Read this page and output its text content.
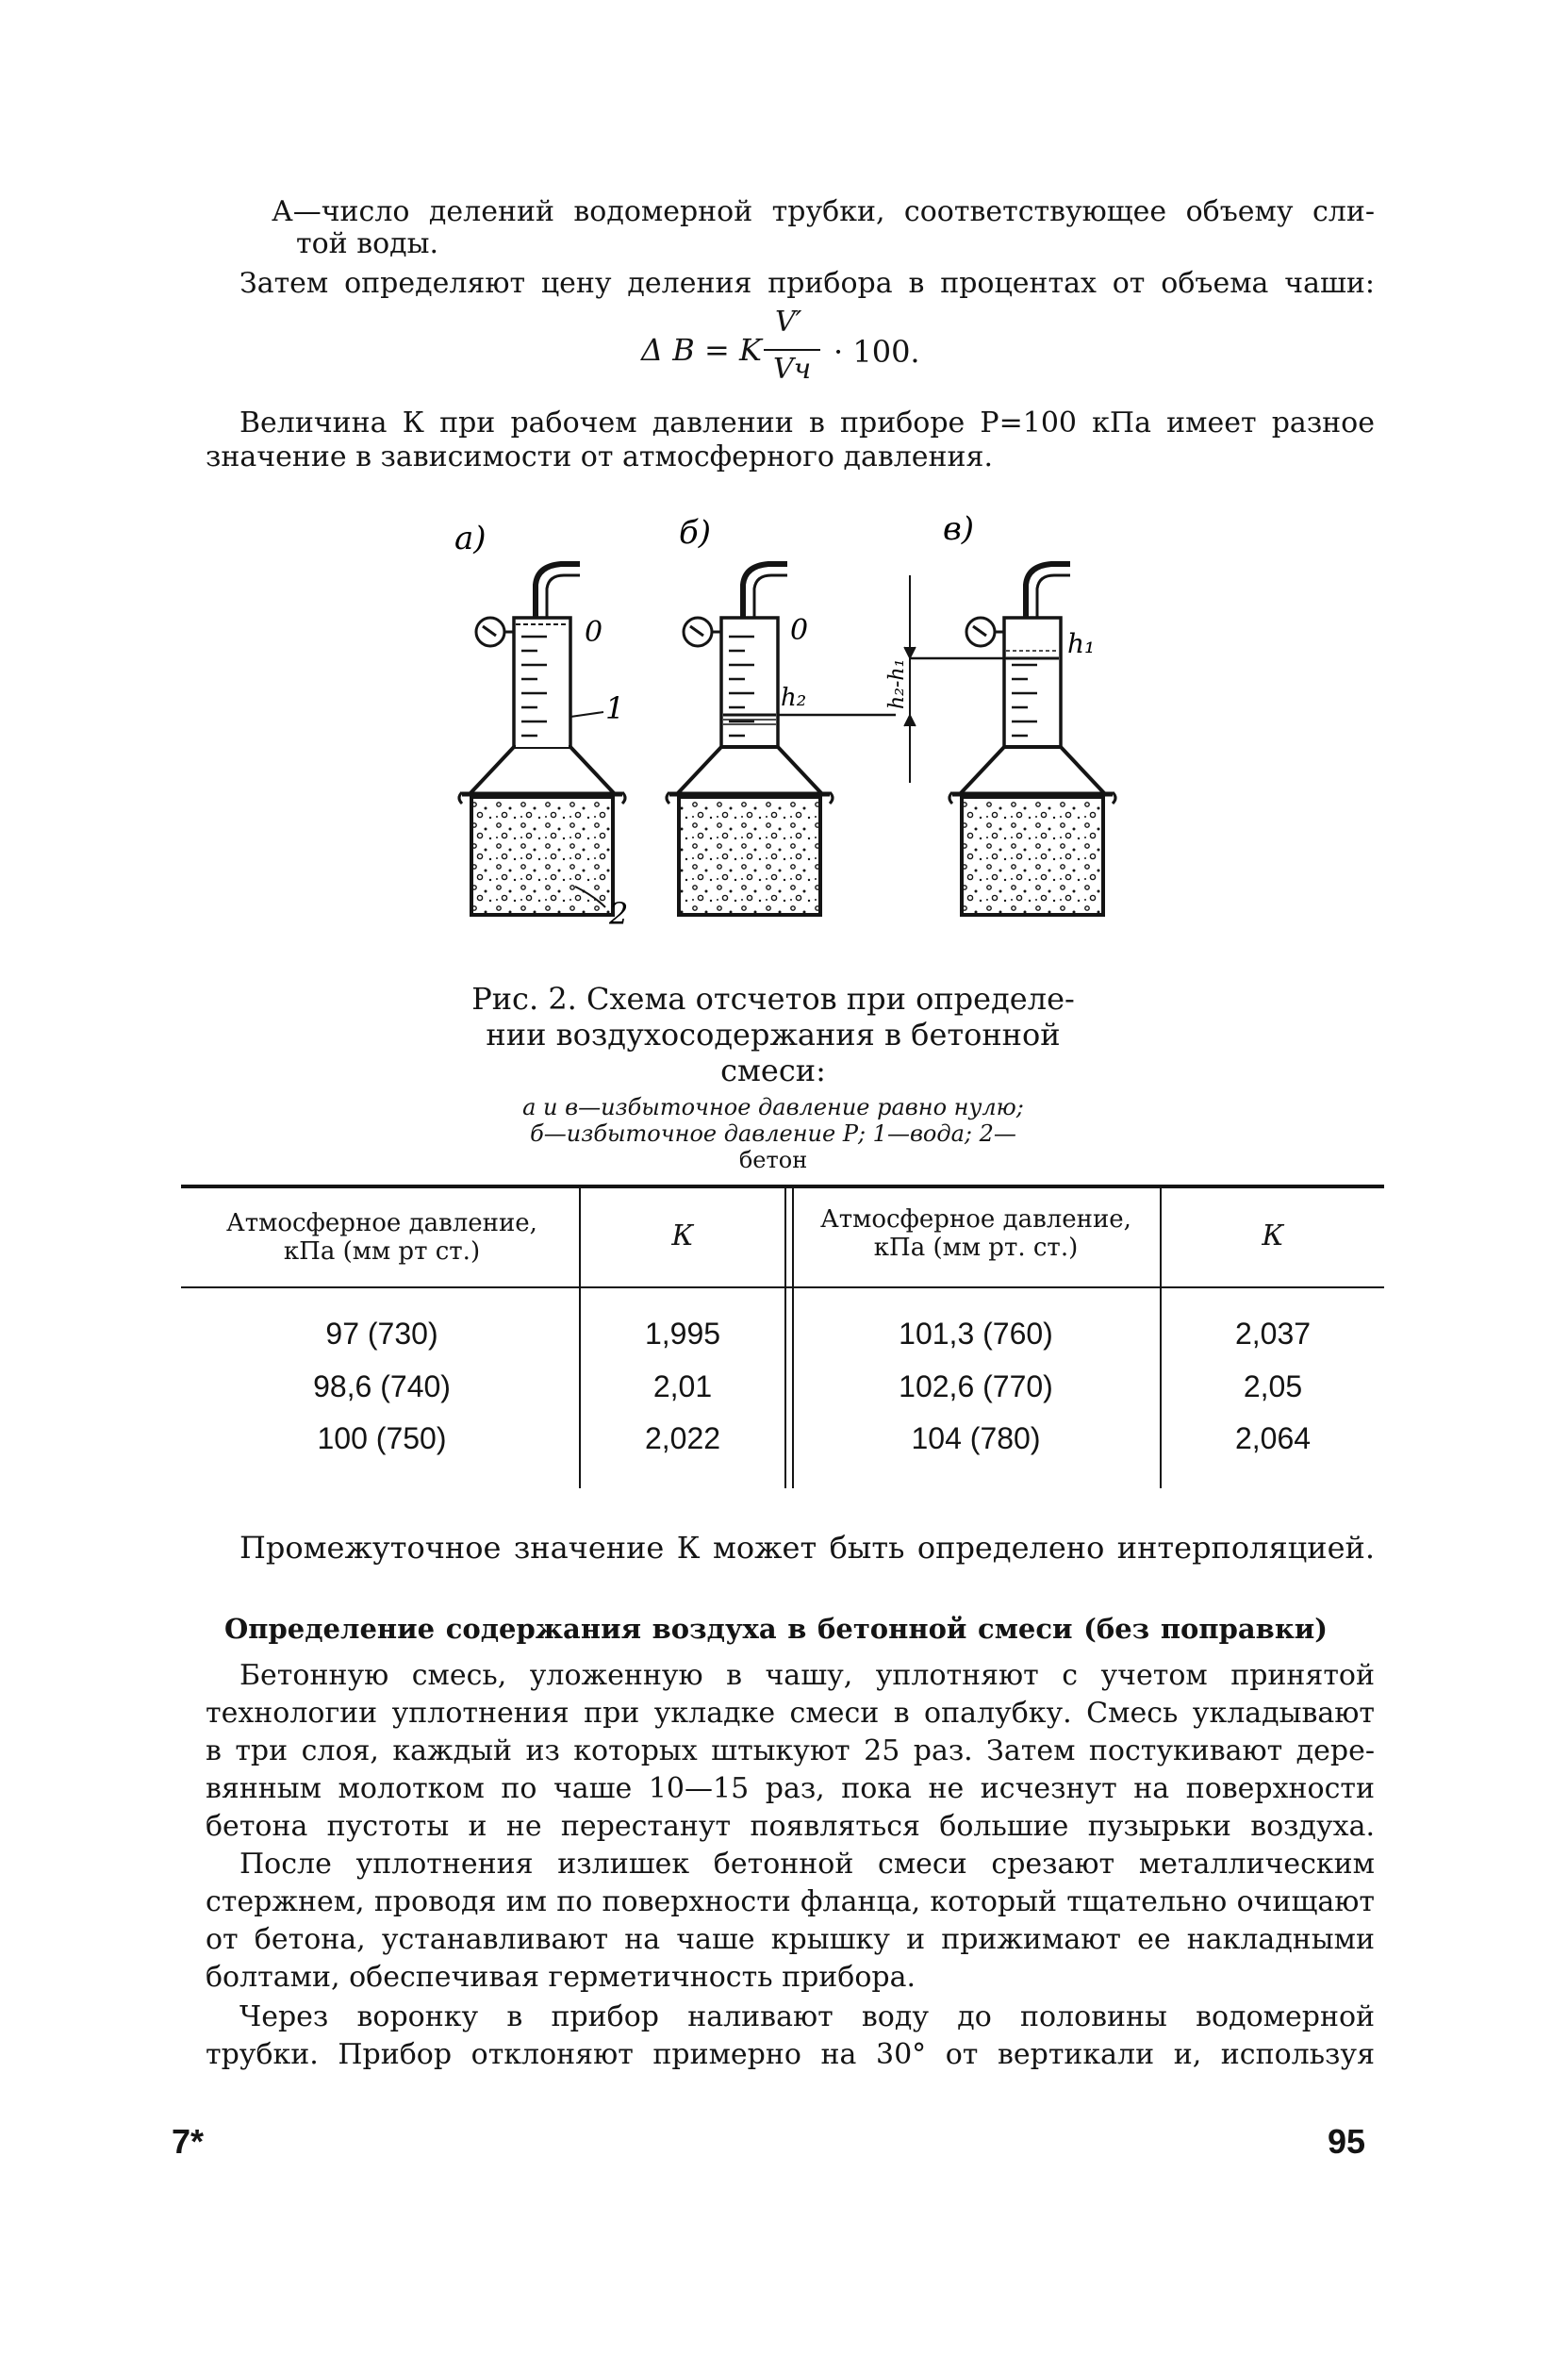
А—число делений водомерной трубки, соответствующее объему сли-
той воды.
Затем определяют цену деления прибора в процентах от объема чаши:
Δ B = K
V′
Vч · 100.
Величина К при рабочем давлении в приборе Р=100 кПа имеет разное
значение в зависимости от атмосферного давления.
а)	б)	в)
0
1
2
0
h₂
h₁
h₂-h₁
Рис. 2. Схема отсчетов при определе-
нии воздухосодержания в бетонной
смеси:
а и в—избыточное давление равно нулю;
б—избыточное давление Р; 1—вода; 2—
бетон
Атмосферное давление, кПа (мм рт ст.)	К	Атмосферное давление, кПа (мм рт. ст.)	К
97 (730)	1,995	101,3 (760)	2,037
98,6 (740)	2,01	102,6 (770)	2,05
100 (750)	2,022	104 (780)	2,064
Промежуточное значение К может быть определено интерполяцией.
Определение содержания воздуха в бетонной смеси (без поправки)
Бетонную смесь, уложенную в чашу, уплотняют с учетом принятой
технологии уплотнения при укладке смеси в опалубку. Смесь укладывают
в три слоя, каждый из которых штыкуют 25 раз. Затем постукивают дере-
вянным молотком по чаше 10—15 раз, пока не исчезнут на поверхности
бетона пустоты и не перестанут появляться большие пузырьки воздуха.
После уплотнения излишек бетонной смеси срезают металлическим
стержнем, проводя им по поверхности фланца, который тщательно очищают
от бетона, устанавливают на чаше крышку и прижимают ее накладными
болтами, обеспечивая герметичность прибора.
Через воронку в прибор наливают воду до половины водомерной
трубки. Прибор отклоняют примерно на 30° от вертикали и, используя
7*	95
